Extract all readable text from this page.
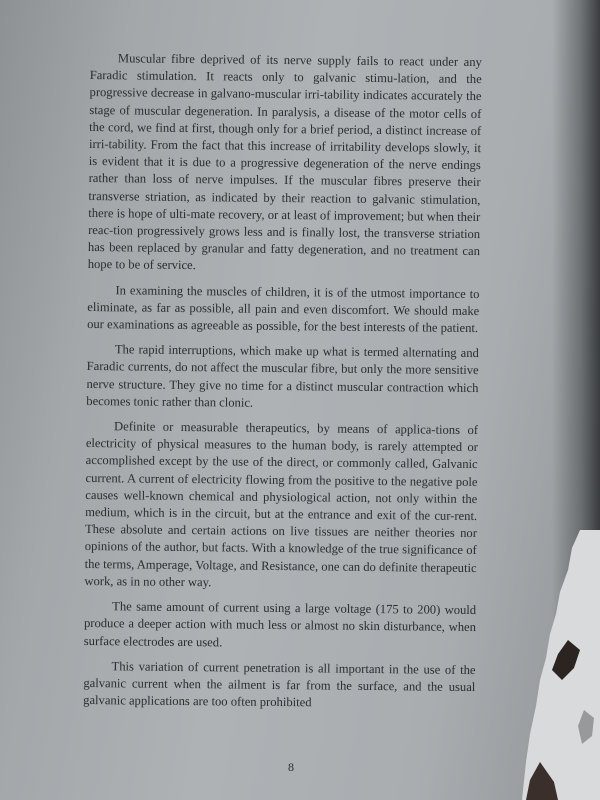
Muscular fibre deprived of its nerve supply fails to react under any Faradic stimulation. It reacts only to galvanic stimu-lation, and the progressive decrease in galvano-muscular irri-tability indicates accurately the stage of muscular degeneration. In paralysis, a disease of the motor cells of the cord, we find at first, though only for a brief period, a distinct increase of irri-tability. From the fact that this increase of irritability develops slowly, it is evident that it is due to a progressive degeneration of the nerve endings rather than loss of nerve impulses. If the muscular fibres preserve their transverse striation, as indicated by their reaction to galvanic stimulation, there is hope of ulti-mate recovery, or at least of improvement; but when their reac-tion progressively grows less and is finally lost, the transverse striation has been replaced by granular and fatty degeneration, and no treatment can hope to be of service.

In examining the muscles of children, it is of the utmost importance to eliminate, as far as possible, all pain and even discomfort. We should make our examinations as agreeable as possible, for the best interests of the patient.

The rapid interruptions, which make up what is termed alternating and Faradic currents, do not affect the muscular fibre, but only the more sensitive nerve structure. They give no time for a distinct muscular contraction which becomes tonic rather than clonic.

Definite or measurable therapeutics, by means of applica-tions of electricity of physical measures to the human body, is rarely attempted or accomplished except by the use of the direct, or commonly called, Galvanic current. A current of electricity flowing from the positive to the negative pole causes well-known chemical and physiological action, not only within the medium, which is in the circuit, but at the entrance and exit of the cur-rent. These absolute and certain actions on live tissues are neither theories nor opinions of the author, but facts. With a knowledge of the true significance of the terms, Amperage, Voltage, and Resistance, one can do definite therapeutic work, as in no other way.

The same amount of current using a large voltage (175 to 200) would produce a deeper action with much less or almost no skin disturbance, when surface electrodes are used.

This variation of current penetration is all important in the use of the galvanic current when the ailment is far from the surface, and the usual galvanic applications are too often prohibited

8
